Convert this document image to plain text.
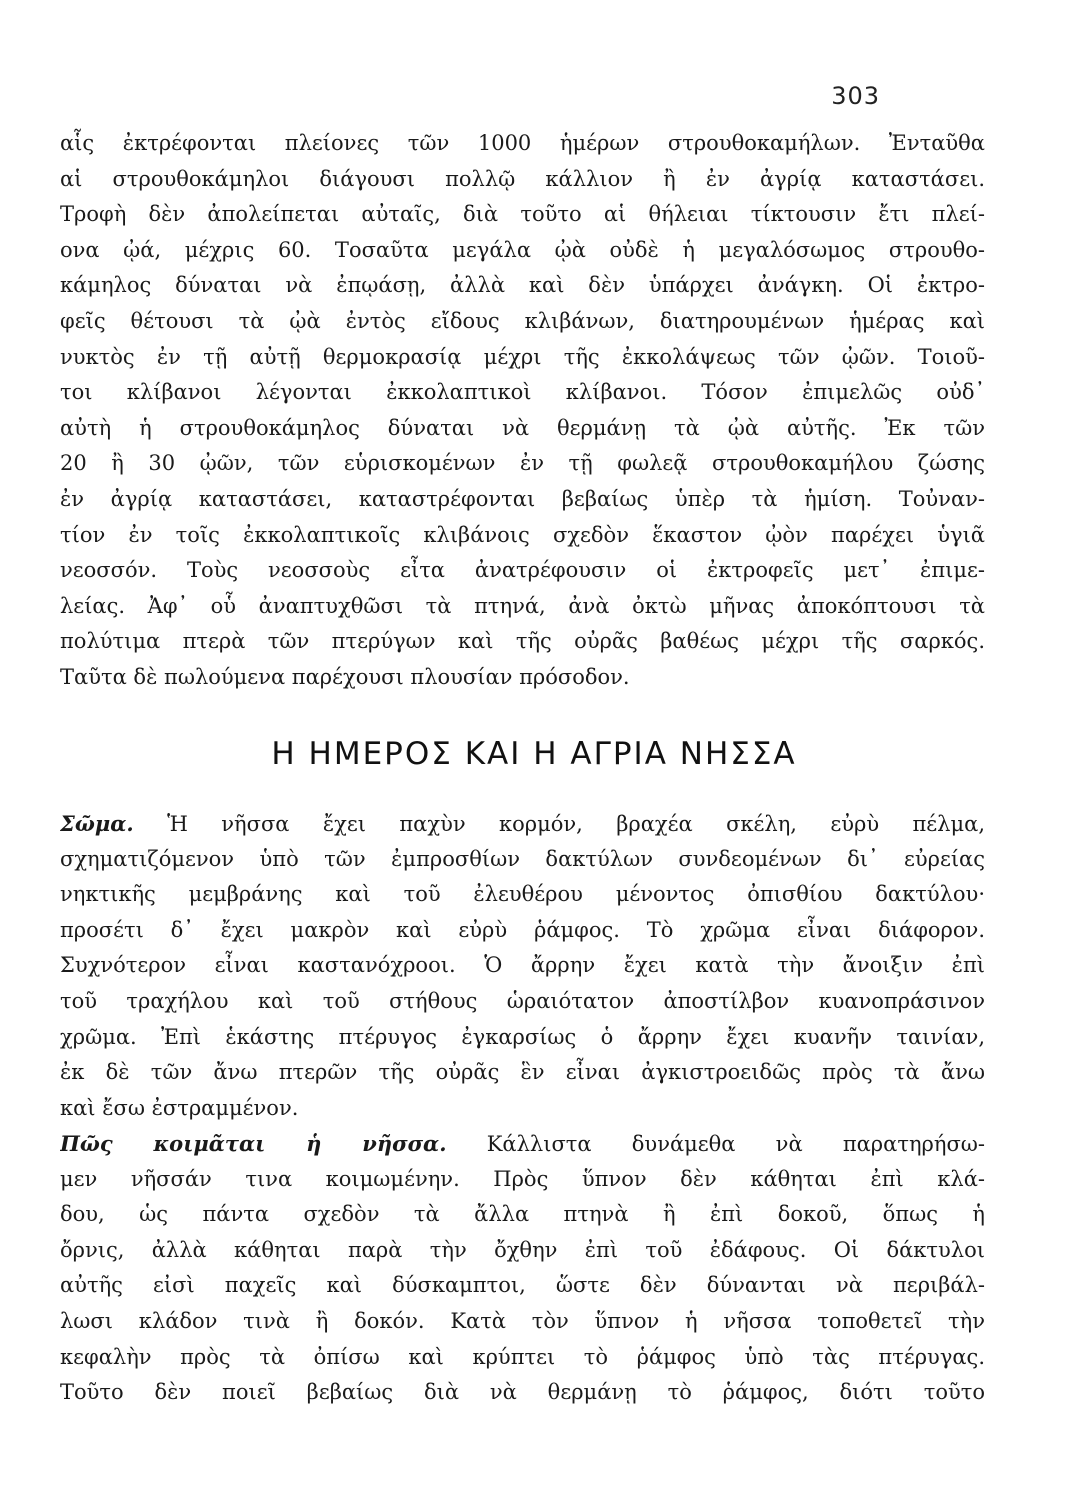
303
αἷς ἐκτρέφονται πλείονες τῶν 1000 ἡμέρων στρουθοκαμήλων. Ἐνταῦθα
αἱ στρουθοκάμηλοι διάγουσι πολλῷ κάλλιον ἢ ἐν ἀγρίᾳ καταστάσει.
Τροφὴ δὲν ἀπολείπεται αὐταῖς, διὰ τοῦτο αἱ θήλειαι τίκτουσιν ἔτι πλεί-
ονα ᾠά, μέχρις 60. Τοσαῦτα μεγάλα ᾠὰ οὐδὲ ἡ μεγαλόσωμος στρουθο-
κάμηλος δύναται νὰ ἐπῳάσῃ, ἀλλὰ καὶ δὲν ὑπάρχει ἀνάγκη. Οἱ ἐκτρο-
φεῖς θέτουσι τὰ ᾠὰ ἐντὸς εἴδους κλιβάνων, διατηρουμένων ἡμέρας καὶ
νυκτὸς ἐν τῇ αὐτῇ θερμοκρασίᾳ μέχρι τῆς ἐκκολάψεως τῶν ᾠῶν. Τοιοῦ-
τοι κλίβανοι λέγονται ἐκκολαπτικοὶ κλίβανοι. Τόσον ἐπιμελῶς οὐδ᾽
αὐτὴ ἡ στρουθοκάμηλος δύναται νὰ θερμάνῃ τὰ ᾠὰ αὐτῆς. Ἐκ τῶν
20 ἢ 30 ᾠῶν, τῶν εὑρισκομένων ἐν τῇ φωλεᾷ στρουθοκαμήλου ζώσης
ἐν ἀγρίᾳ καταστάσει, καταστρέφονται βεβαίως ὑπὲρ τὰ ἡμίση. Τοὐναν-
τίον ἐν τοῖς ἐκκολαπτικοῖς κλιβάνοις σχεδὸν ἕκαστον ᾠὸν παρέχει ὑγιᾶ
νεοσσόν. Τοὺς νεοσσοὺς εἶτα ἀνατρέφουσιν οἱ ἐκτροφεῖς μετ᾽ ἐπιμε-
λείας. Ἀφ᾽ οὗ ἀναπτυχθῶσι τὰ πτηνά, ἀνὰ ὀκτὼ μῆνας ἀποκόπτουσι τὰ
πολύτιμα πτερὰ τῶν πτερύγων καὶ τῆς οὐρᾶς βαθέως μέχρι τῆς σαρκός.
Ταῦτα δὲ πωλούμενα παρέχουσι πλουσίαν πρόσοδον.
Η ΗΜΕΡΟΣ ΚΑΙ Η ΑΓΡΙΑ ΝΗΣΣΑ
Σῶμα. Ἡ νῆσσα ἔχει παχὺν κορμόν, βραχέα σκέλη, εὐρὺ πέλμα,
σχηματιζόμενον ὑπὸ τῶν ἐμπροσθίων δακτύλων συνδεομένων δι᾽ εὐρείας
νηκτικῆς μεμβράνης καὶ τοῦ ἐλευθέρου μένοντος ὀπισθίου δακτύλου·
προσέτι δ᾽ ἔχει μακρὸν καὶ εὐρὺ ῥάμφος. Τὸ χρῶμα εἶναι διάφορον.
Συχνότερον εἶναι καστανόχροοι. Ὁ ἄρρην ἔχει κατὰ τὴν ἄνοιξιν ἐπὶ
τοῦ τραχήλου καὶ τοῦ στήθους ὡραιότατον ἀποστίλβον κυανοπράσινον
χρῶμα. Ἐπὶ ἑκάστης πτέρυγος ἐγκαρσίως ὁ ἄρρην ἔχει κυανῆν ταινίαν,
ἐκ δὲ τῶν ἄνω πτερῶν τῆς οὐρᾶς ἓν εἶναι ἀγκιστροειδῶς πρὸς τὰ ἄνω
καὶ ἔσω ἐστραμμένον.
Πῶς κοιμᾶται ἡ νῆσσα. Κάλλιστα δυνάμεθα νὰ παρατηρήσω-
μεν νῆσσάν τινα κοιμωμένην. Πρὸς ὕπνον δὲν κάθηται ἐπὶ κλά-
δου, ὡς πάντα σχεδὸν τὰ ἄλλα πτηνὰ ἢ ἐπὶ δοκοῦ, ὅπως ἡ
ὄρνις, ἀλλὰ κάθηται παρὰ τὴν ὄχθην ἐπὶ τοῦ ἐδάφους. Οἱ δάκτυλοι
αὐτῆς εἰσὶ παχεῖς καὶ δύσκαμπτοι, ὥστε δὲν δύνανται νὰ περιβάλ-
λωσι κλάδον τινὰ ἢ δοκόν. Κατὰ τὸν ὕπνον ἡ νῆσσα τοποθετεῖ τὴν
κεφαλὴν πρὸς τὰ ὀπίσω καὶ κρύπτει τὸ ῥάμφος ὑπὸ τὰς πτέρυγας.
Τοῦτο δὲν ποιεῖ βεβαίως διὰ νὰ θερμάνῃ τὸ ῥάμφος, διότι τοῦτο
